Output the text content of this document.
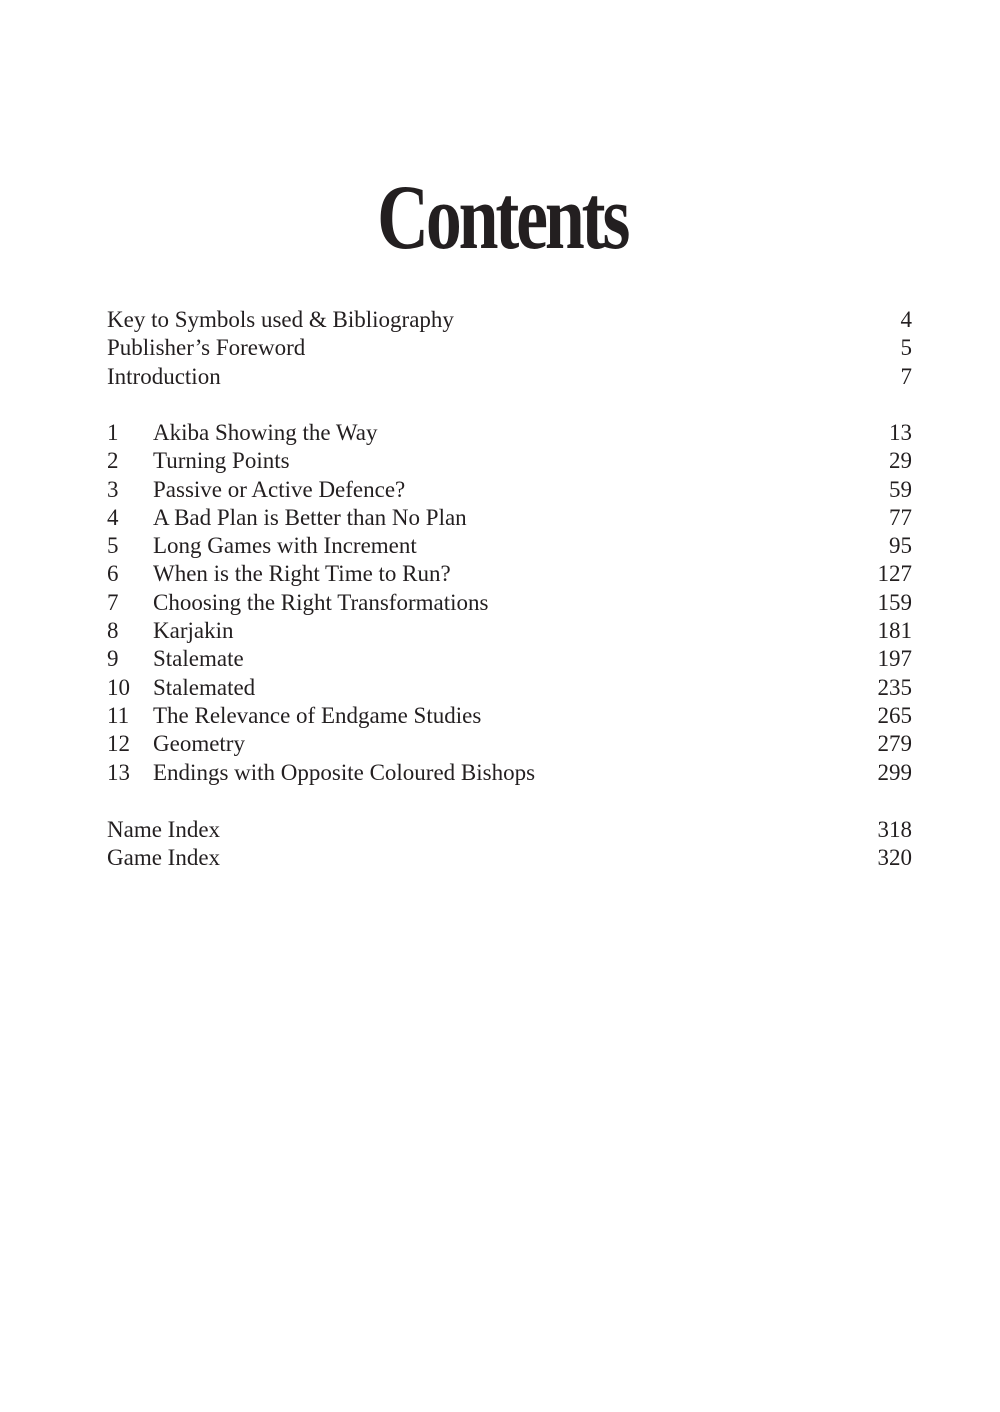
Contents
Key to Symbols used & Bibliography	4
Publisher’s Foreword	5
Introduction	7
1	Akiba Showing the Way	13
2	Turning Points	29
3	Passive or Active Defence?	59
4	A Bad Plan is Better than No Plan	77
5	Long Games with Increment	95
6	When is the Right Time to Run?	127
7	Choosing the Right Transformations	159
8	Karjakin	181
9	Stalemate	197
10	Stalemated	235
11	The Relevance of Endgame Studies	265
12	Geometry	279
13	Endings with Opposite Coloured Bishops	299
Name Index	318
Game Index	320
